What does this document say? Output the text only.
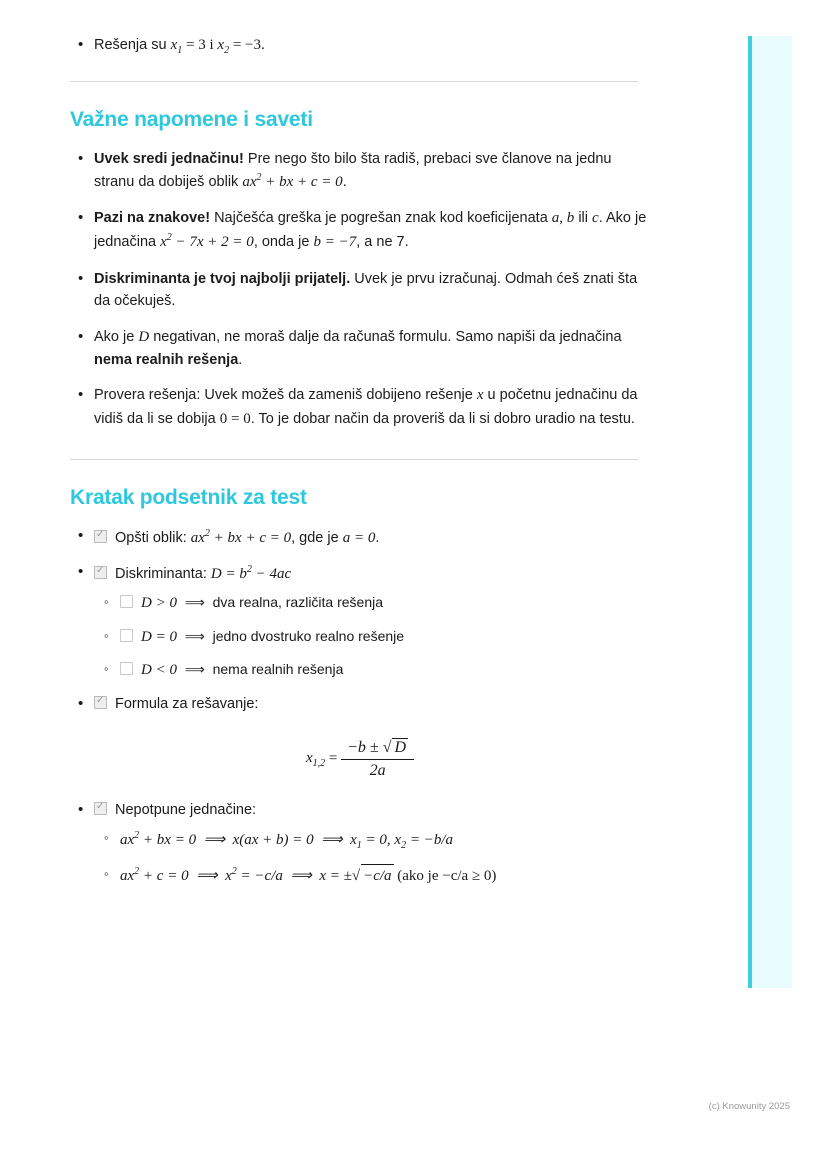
• Rešenja su $x_1 = 3$ i $x_2 = -3$.
Važne napomene i saveti
• Uvek sredi jednačinu! Pre nego što bilo šta radiš, prebaci sve članove na jednu stranu da dobiješ oblik $ax^2$ + bx + c = 0.
• Pazi na znakove! Najčešća greška je pogrešan znak kod koeficijenata a, b ili c. Ako je jednačina $x^2 - 7x + 2 = 0$, onda je b = −7, a ne 7.
• Diskriminanta je tvoj najbolji prijatelj. Uvek je prvu izračunaj. Odmah ćeš znati šta da očekuješ.
• Ako je D negativan, ne moraš dalje da računaš formulu. Samo napiši da jednačina nema realnih rešenja.
• Provera rešenja: Uvek možeš da zameniš dobijeno rešenje x u početnu jednačinu da vidiš da li se dobija 0 = 0. To je dobar način da proveriš da li si dobro uradio na testu.
Kratak podsetnik za test
✓• Opšti oblik: $ax^2$ + bx + c = 0, gde je a = 0.
✓• Diskriminanta: $D = b^2 - 4ac$
◦ D > 0 ⟹ dva realna, različita rešenja
◦ D = 0 ⟹ jedno dvostruko realno rešenje
◦ D < 0 ⟹ nema realnih rešenja
✓• Formula za rešavanje:
$x_{1,2} = \frac{-b \pm √ D}{2a}$
✓• Nepotpune jednačine:
◦ $ax^2$ + bx = 0  ⟹  x(ax + b) = 0  ⟹  $x_1 = 0$, $x_2 = -b/a$
◦ $ax^2 + c = 0$  ⟹  $x^2 = -c/a$  ⟹  x = ±√ −c/a (ako je −c/a ≥ 0)
(c) Knowunity 2025
